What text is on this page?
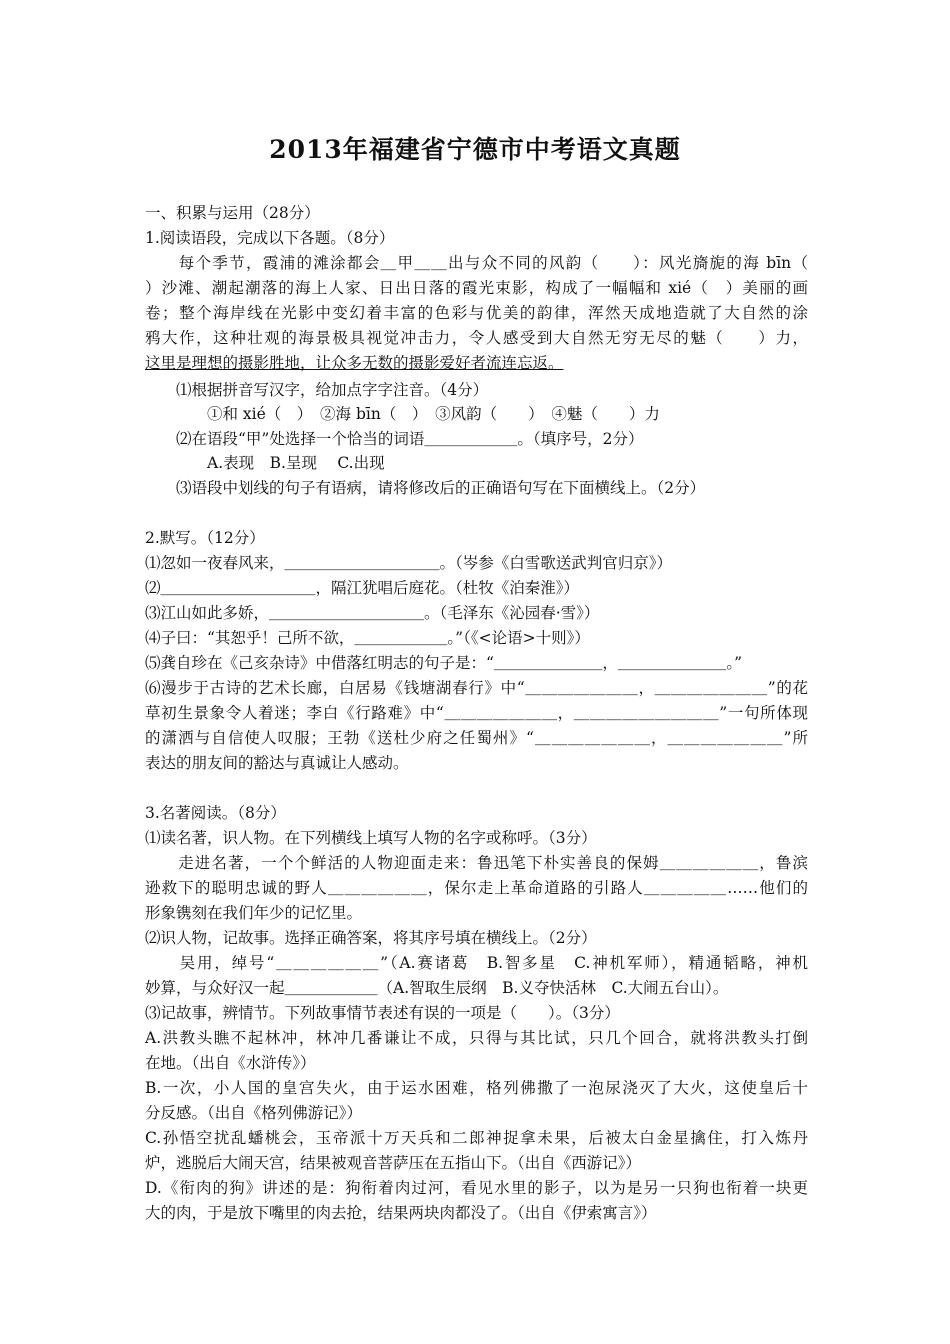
2013年福建省宁德市中考语文真题
一、积累与运用（28分）
1.阅读语段，完成以下各题。（8分）
　　每个季节，霞浦的滩涂都会＿甲＿＿出与众不同的风韵（　　）：风光旖旎的海 bīn（
）沙滩、潮起潮落的海上人家、日出日落的霞光束影，构成了一幅幅和 xié（　）美丽的画
卷；整个海岸线在光影中变幻着丰富的色彩与优美的韵律，浑然天成地造就了大自然的涂
鸦大作，这种壮观的海景极具视觉冲击力，令人感受到大自然无穷无尽的魅（　　）力，
这里是理想的摄影胜地，让众多无数的摄影爱好者流连忘返。
　　⑴根据拼音写汉字，给加点字字注音。（4分）
　　　　①和 xié（　）　②海 bīn（　）　③风韵（　　）　④魅（　　）力
　　⑵在语段“甲”处选择一个恰当的词语＿＿＿＿＿＿。（填序号，2分）
　　　　A.表现　B.呈现　 C.出现
　　⑶语段中划线的句子有语病，请将修改后的正确语句写在下面横线上。（2分）
2.默写。（12分）
⑴忽如一夜春风来，＿＿＿＿＿＿＿＿＿＿。（岑参《白雪歌送武判官归京》）
⑵＿＿＿＿＿＿＿＿＿＿，隔江犹唱后庭花。（杜牧《泊秦淮》）
⑶江山如此多娇，＿＿＿＿＿＿＿＿＿＿。（毛泽东《沁园春·雪》）
⑷子曰：“其恕乎！己所不欲，＿＿＿＿＿＿。”（《<论语>十则》）
⑸龚自珍在《己亥杂诗》中借落红明志的句子是：“＿＿＿＿＿＿＿，＿＿＿＿＿＿＿。”
⑹漫步于古诗的艺术长廊，白居易《钱塘湖春行》中“＿＿＿＿＿＿＿，＿＿＿＿＿＿＿”的花
草初生景象令人着迷；李白《行路难》中“＿＿＿＿＿＿＿，＿＿＿＿＿＿＿＿＿”一句所体现
的潇洒与自信使人叹服；王勃《送杜少府之任蜀州》“＿＿＿＿＿＿＿，＿＿＿＿＿＿＿”所
表达的朋友间的豁达与真诚让人感动。
3.名著阅读。（8分）
⑴读名著，识人物。在下列横线上填写人物的名字或称呼。（3分）
　　走进名著，一个个鲜活的人物迎面走来：鲁迅笔下朴实善良的保姆＿＿＿＿＿＿，鲁滨
逊救下的聪明忠诚的野人＿＿＿＿＿＿，保尔走上革命道路的引路人＿＿＿＿＿……他们的
形象镌刻在我们年少的记忆里。
⑵识人物，记故事。选择正确答案，将其序号填在横线上。（2分）
　　吴用，绰号“＿＿＿＿＿＿”（A.赛诸葛　B.智多星　C.神机军师），精通韬略，神机
妙算，与众好汉一起＿＿＿＿＿＿（A.智取生辰纲　B.义夺快活林　C.大闹五台山）。
⑶记故事，辨情节。下列故事情节表述有误的一项是（　　）。（3分）
A.洪教头瞧不起林冲，林冲几番谦让不成，只得与其比试，只几个回合，就将洪教头打倒
在地。（出自《水浒传》）
B.一次，小人国的皇宫失火，由于运水困难，格列佛撒了一泡尿浇灭了大火，这使皇后十
分反感。（出自《格列佛游记》）
C.孙悟空扰乱蟠桃会，玉帝派十万天兵和二郎神捉拿未果，后被太白金星擒住，打入炼丹
炉，逃脱后大闹天宫，结果被观音菩萨压在五指山下。（出自《西游记》）
D.《衔肉的狗》讲述的是：狗衔着肉过河，看见水里的影子，以为是另一只狗也衔着一块更
大的肉，于是放下嘴里的肉去抢，结果两块肉都没了。（出自《伊索寓言》）
